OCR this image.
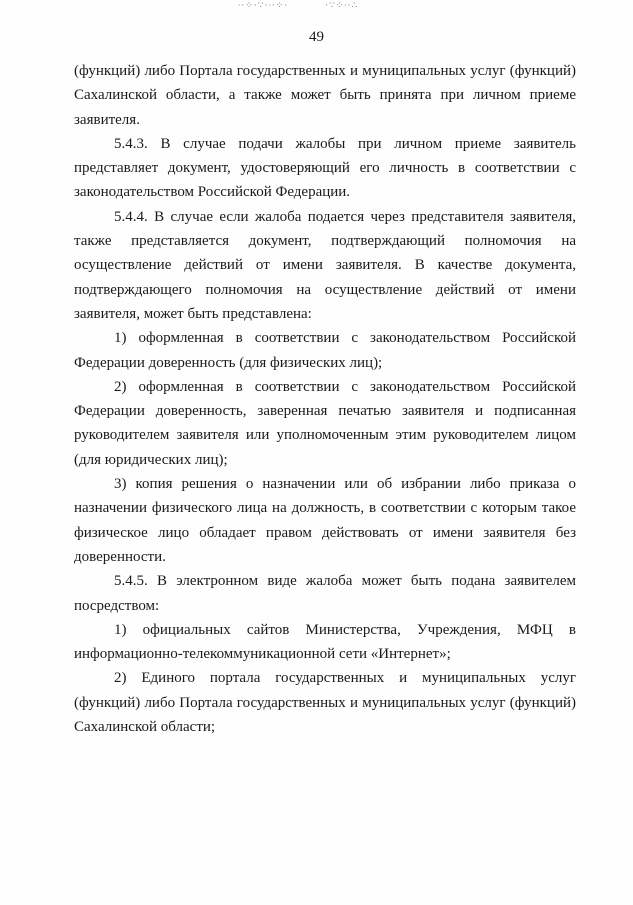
∙·⁘·∵·∙·⁘·	·∵⁘∙·∴
49

(функций) либо Портала государственных и муниципальных услуг (функций) Сахалинской области, а также может быть принята при личном приеме заявителя.

5.4.3. В случае подачи жалобы при личном приеме заявитель представляет документ, удостоверяющий его личность в соответствии с законодательством Российской Федерации.

5.4.4. В случае если жалоба подается через представителя заявителя, также представляется документ, подтверждающий полномочия на осуществление действий от имени заявителя. В качестве документа, подтверждающего полномочия на осуществление действий от имени заявителя, может быть представлена:

1) оформленная в соответствии с законодательством Российской Федерации доверенность (для физических лиц);

2) оформленная в соответствии с законодательством Российской Федерации доверенность, заверенная печатью заявителя и подписанная руководителем заявителя или уполномоченным этим руководителем лицом (для юридических лиц);

3) копия решения о назначении или об избрании либо приказа о назначении физического лица на должность, в соответствии с которым такое физическое лицо обладает правом действовать от имени заявителя без доверенности.

5.4.5. В электронном виде жалоба может быть подана заявителем посредством:

1) официальных сайтов Министерства, Учреждения, МФЦ в информационно-телекоммуникационной сети «Интернет»;

2) Единого портала государственных и муниципальных услуг (функций) либо Портала государственных и муниципальных услуг (функций) Сахалинской области;
